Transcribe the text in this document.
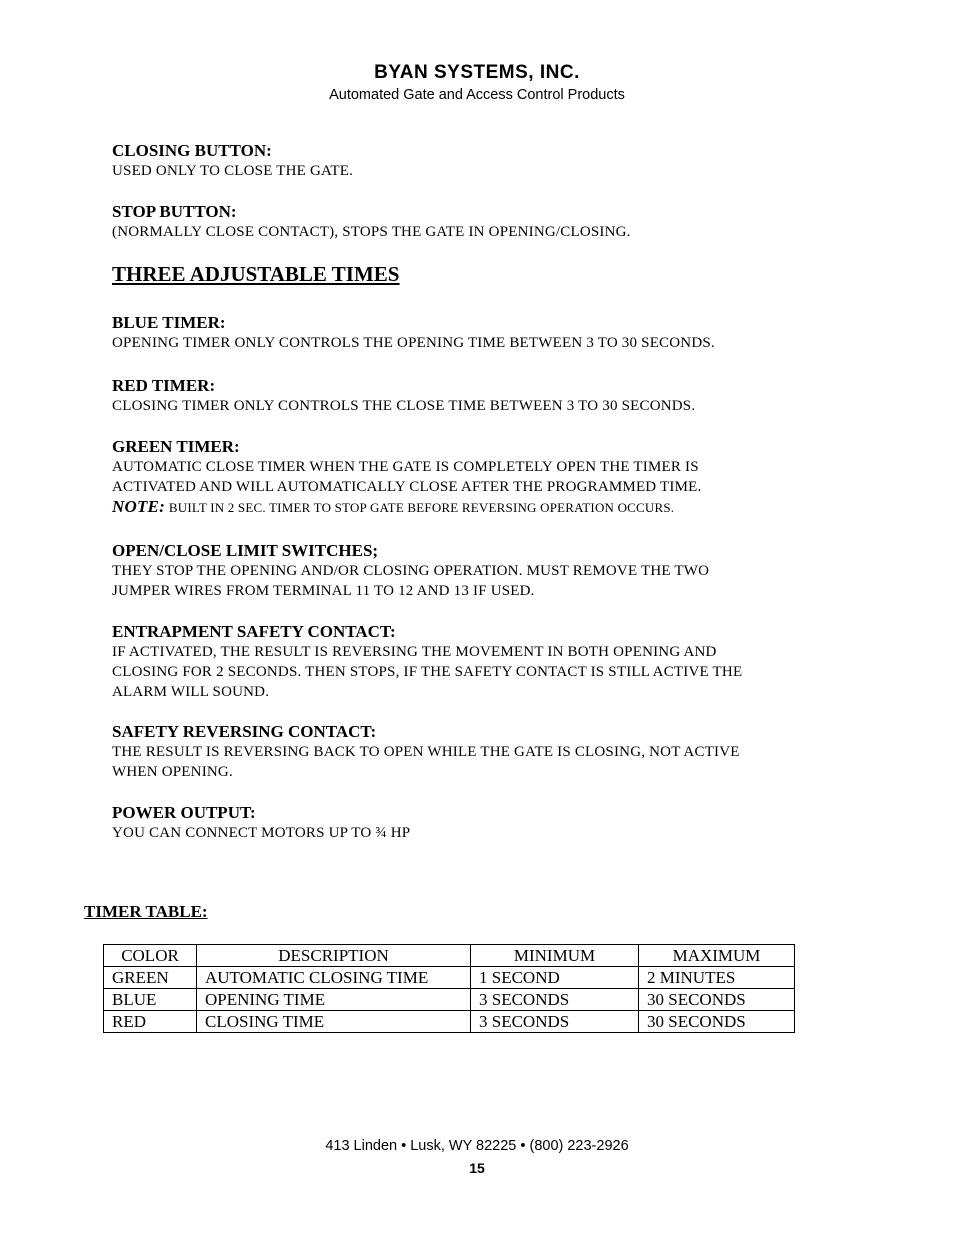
BYAN SYSTEMS, INC.
Automated Gate and Access Control Products
CLOSING BUTTON:

USED ONLY TO CLOSE THE GATE.

STOP BUTTON:

(NORMALLY CLOSE CONTACT), STOPS THE GATE IN OPENING/CLOSING.

THREE ADJUSTABLE TIMES
BLUE TIMER:

OPENING TIMER ONLY CONTROLS THE OPENING TIME BETWEEN 3 TO 30 SECONDS.

RED TIMER:

CLOSING TIMER ONLY CONTROLS THE CLOSE TIME BETWEEN 3 TO 30 SECONDS.

GREEN TIMER:

AUTOMATIC CLOSE TIMER WHEN THE GATE IS COMPLETELY OPEN THE TIMER IS

ACTIVATED AND WILL AUTOMATICALLY CLOSE AFTER THE PROGRAMMED TIME.

NOTE: BUILT IN 2 SEC. TIMER TO STOP GATE BEFORE REVERSING OPERATION OCCURS.

OPEN/CLOSE LIMIT SWITCHES;

THEY STOP THE OPENING AND/OR CLOSING OPERATION. MUST REMOVE THE TWO

JUMPER WIRES FROM TERMINAL 11 TO 12 AND 13 IF USED.

ENTRAPMENT SAFETY CONTACT:

IF ACTIVATED, THE RESULT IS REVERSING THE MOVEMENT IN BOTH OPENING AND

CLOSING FOR 2 SECONDS. THEN STOPS, IF THE SAFETY CONTACT IS STILL ACTIVE THE

ALARM WILL SOUND.

SAFETY REVERSING CONTACT:

THE RESULT IS REVERSING BACK TO OPEN WHILE THE GATE IS CLOSING, NOT ACTIVE

WHEN OPENING.

POWER OUTPUT:

YOU CAN CONNECT MOTORS UP TO ¾ HP

TIMER TABLE:
COLOR	DESCRIPTION	MINIMUM	MAXIMUM
GREEN	AUTOMATIC CLOSING TIME	1 SECOND	2 MINUTES
BLUE	OPENING TIME	3 SECONDS	30 SECONDS
RED	CLOSING TIME	3 SECONDS	30 SECONDS
413 Linden • Lusk, WY 82225 • (800) 223-2926
15
